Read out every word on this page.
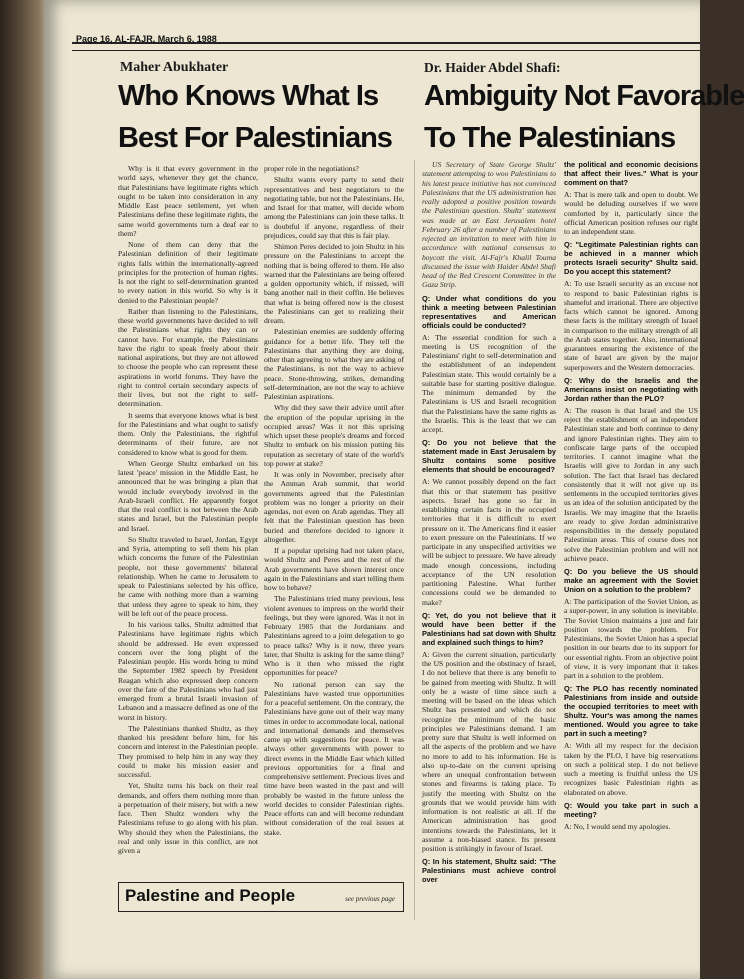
Page 16, AL-FAJR, March 6, 1988
Maher Abukhater	Dr. Haider Abdel Shafi:
Who Knows What Is
Best For Palestinians
Ambiguity Not Favorable
To The Palestinians

Why is it that every government in the world says, whenever they get the chance, that Palestinians have legitimate rights which ought to be taken into consideration in any Middle East peace settlement, yet when Palestinians define these legitimate rights, the same world governments turn a deaf ear to them?

None of them can deny that the Palestinian definition of their legitimate rights falls within the internationally-agreed principles for the protection of human rights. Is not the right to self-determination granted to every nation in this world. So why is it denied to the Palestinian people?

Rather than listening to the Palestinians, these world governments have decided to tell the Palestinians what rights they can or cannot have. For example, the Palestinians have the right to speak freely about their national aspirations, but they are not allowed to choose the people who can represent these aspirations in world forums. They have the right to control certain secondary aspects of their lives, but not the right to self-determination.

It seems that everyone knows what is best for the Palestinians and what ought to satisfy them. Only the Palestinians, the rightful determinants of their future, are not considered to know what is good for them.

When George Shultz embarked on his latest 'peace' mission in the Middle East, he announced that he was bringing a plan that would include everybody involved in the Arab-Israeli conflict. He apparently forgot that the real conflict is not between the Arab states and Israel, but the Palestinian people and Israel.

So Shultz traveled to Israel, Jordan, Egypt and Syria, attempting to sell them his plan which concerns the future of the Palestinian people, not these governments' bilateral relationship. When he came to Jerusalem to speak to Palestinians selected by his office, he came with nothing more than a warning that unless they agree to speak to him, they will be left out of the peace process.

In his various talks, Shultz admitted that Palestinians have legitimate rights which should be addressed. He even expressed concern over the long plight of the Palestinian people. His words bring to mind the September 1982 speech by President Reagan which also expressed deep concern over the fate of the Palestinians who had just emerged from a brutal Israeli invasion of Lebanon and a massacre defined as one of the worst in history.

The Palestinians thanked Shultz, as they thanked his president before him, for his concern and interest in the Palestinian people. They promised to help him in any way they could to make his mission easier and successful.

Yet, Shultz turns his back on their real demands, and offers them nothing more than a perpetuation of their misery, but with a new face. Then Shultz wonders why the Palestinians refuse to go along with his plan. Why should they when the Palestinians, the real and only issue in this conflict, are not given a

proper role in the negotiations?

Shultz wants every party to send their representatives and best negotiators to the negotiating table, but not the Palestinians. He, and Israel for that matter, will decide whom among the Palestinians can join these talks. It is doubtful if anyone, regardless of their prejudices, could say that this is fair play.

Shimon Peres decided to join Shultz in his pressure on the Palestinians to accept the nothing that is being offered to them. He also warned that the Palestinians are being offered a golden opportunity which, if missed, will bang another nail in their coffin. He believes that what is being offered now is the closest the Palestinians can get to realizing their dream.

Palestinian enemies are suddenly offering guidance for a better life. They tell the Palestinians that anything they are doing, other than agreeing to what they are asking of the Palestinians, is not the way to achieve peace. Stone-throwing, strikes, demanding self-determination, are not the way to achieve Palestinian aspirations.

Why did they save their advice until after the eruption of the popular uprising in the occupied areas? Was it not this uprising which upset these people's dreams and forced Shultz to embark on his mission putting his reputation as secretary of state of the world's top power at stake?

It was only in November, precisely after the Amman Arab summit, that world governments agreed that the Palestinian problem was no longer a priority on their agendas, not even on Arab agendas. They all felt that the Palestinian question has been buried and therefore decided to ignore it altogether.

If a popular uprising had not taken place, would Shultz and Peres and the rest of the Arab governments have shown interest once again in the Palestinians and start telling them how to behave?

The Palestinians tried many previous, less violent avenues to impress on the world their feelings, but they were ignored. Was it not in February 1985 that the Jordanians and Palestinians agreed to a joint delegation to go to peace talks? Why is it now, three years later, that Shultz is asking for the same thing? Who is it then who missed the right opportunities for peace?

No rational person can say the Palestinians have wasted true opportunities for a peaceful settlement. On the contrary, the Palestinians have gone out of their way many times in order to accommodate local, national and international demands and themselves came up with suggestions for peace. It was always other governments with power to direct events in the Middle East which killed previous opportunities for a final and comprehensive settlement. Precious lives and time have been wasted in the past and will probably be wasted in the future unless the world decides to consider Palestinian rights. Peace efforts can and will become redundant without consideration of the real issues at stake.

US Secretary of State George Shultz' statement attempting to woo Palestinians to his latest peace initiative has not convinced Palestinians that the US administration has really adopted a positive position towards the Palestinian question. Shultz' statement was made at an East Jerusalem hotel February 26 after a number of Palestinians rejected an invitation to meet with him in accordance with national consensus to boycott the visit. Al-Fajr's Khalil Touma discussed the issue with Haider Abdel Shafi head of the Red Crescent Committee in the Gaza Strip.

Q: Under what conditions do you think a meeting between Palestinian representatives and American officials could be conducted?

A: The essential condition for such a meeting is US recognition of the Palestinians' right to self-determination and the establishment of an independent Palestinian state. This would certainly be a suitable base for starting positive dialogue. The minimum demanded by the Palestinians is US and Israeli recognition that the Palestinians have the same rights as the Israelis. This is the least that we can accept.

Q: Do you not believe that the statement made in East Jerusalem by Shultz contains some positive elements that should be encouraged?

A: We cannot possibly depend on the fact that this or that statement has positive aspects. Israel has gone so far in establishing certain facts in the occupied territories that it is difficult to exert pressure on it. The Americans find it easier to exert pressure on the Palestinians. If we participate in any unspecified activities we will be subject to pressure. We have already made enough concessions, including acceptance of the UN resolution partitioning Palestine. What further concessions could we be demanded to make?

Q: Yet, do you not believe that it would have been better if the Palestinians had sat down with Shultz and explained such things to him?

A: Given the current situation, particularly the US position and the obstinacy of Israel, I do not believe that there is any benefit to be gained from meeting with Shultz. It will only be a waste of time since such a meeting will be based on the ideas which Shultz has presented and which do not recognize the minimum of the basic principles we Palestinians demand. I am pretty sure that Shultz is well informed on all the aspects of the problem and we have no more to add to his information. He is also up-to-date on the current uprising where an unequal confrontation between stones and firearms is taking place. To justify the meeting with Shultz on the grounds that we would provide him with information is not realistic at all. If the American administration has good intentions towards the Palestinians, let it assume a non-biased stance. Its present position is strikingly in favour of Israel.

Q: In his statement, Shultz said: "The Palestinians must achieve control over

the political and economic decisions that affect their lives." What is your comment on that?

A: That is mere talk and open to doubt. We would be deluding ourselves if we were comforted by it, particularly since the official American position refuses our right to an independent state.

Q: "Legitimate Palestinian rights can be achieved in a manner which protects Israeli security" Shultz said. Do you accept this statement?

A: To use Israeli security as an excuse not to respond to basic Palestinian rights is shameful and irrational. There are objective facts which cannot be ignored. Among these facts is the military strength of Israel in comparison to the military strength of all the Arab states together. Also, international guarantees ensuring the existence of the state of Israel are given by the major superpowers and the Western democracies.

Q: Why do the Israelis and the Americans insist on negotiating with Jordan rather than the PLO?

A: The reason is that Israel and the US reject the establishment of an independent Palestinian state and both continue to deny and ignore Palestinian rights. They aim to confiscate large parts of the occupied territories. I cannot imagine what the Israelis will give to Jordan in any such solution. The fact that Israel has declared consistently that it will not give up its settlements in the occupied territories gives us an idea of the solution anticipated by the Israelis. We may imagine that the Israelis are ready to give Jordan administrative responsibilities in the densely populated Palestinian areas. This of course does not solve the Palestinian problem and will not achieve peace.

Q: Do you believe the US should make an agreement with the Soviet Union on a solution to the problem?

A: The participation of the Soviet Union, as a super-power, in any solution is inevitable. The Soviet Union maintains a just and fair position towards the problem. For Palestinians, the Soviet Union has a special position in our hearts due to its support for our essential rights. From an objective point of view, it is very important that it takes part in a solution to the problem.

Q: The PLO has recently nominated Palestinians from inside and outside the occupied territories to meet with Shultz. Your's was among the names mentioned. Would you agree to take part in such a meeting?

A: With all my respect for the decision taken by the PLO, I have big reservations on such a political step. I do not believe such a meeting is fruitful unless the US recognizes basic Palestinian rights as elaborated on above.

Q: Would you take part in such a meeting?

A: No, I would send my apologies.

Palestine and People	see previous page
